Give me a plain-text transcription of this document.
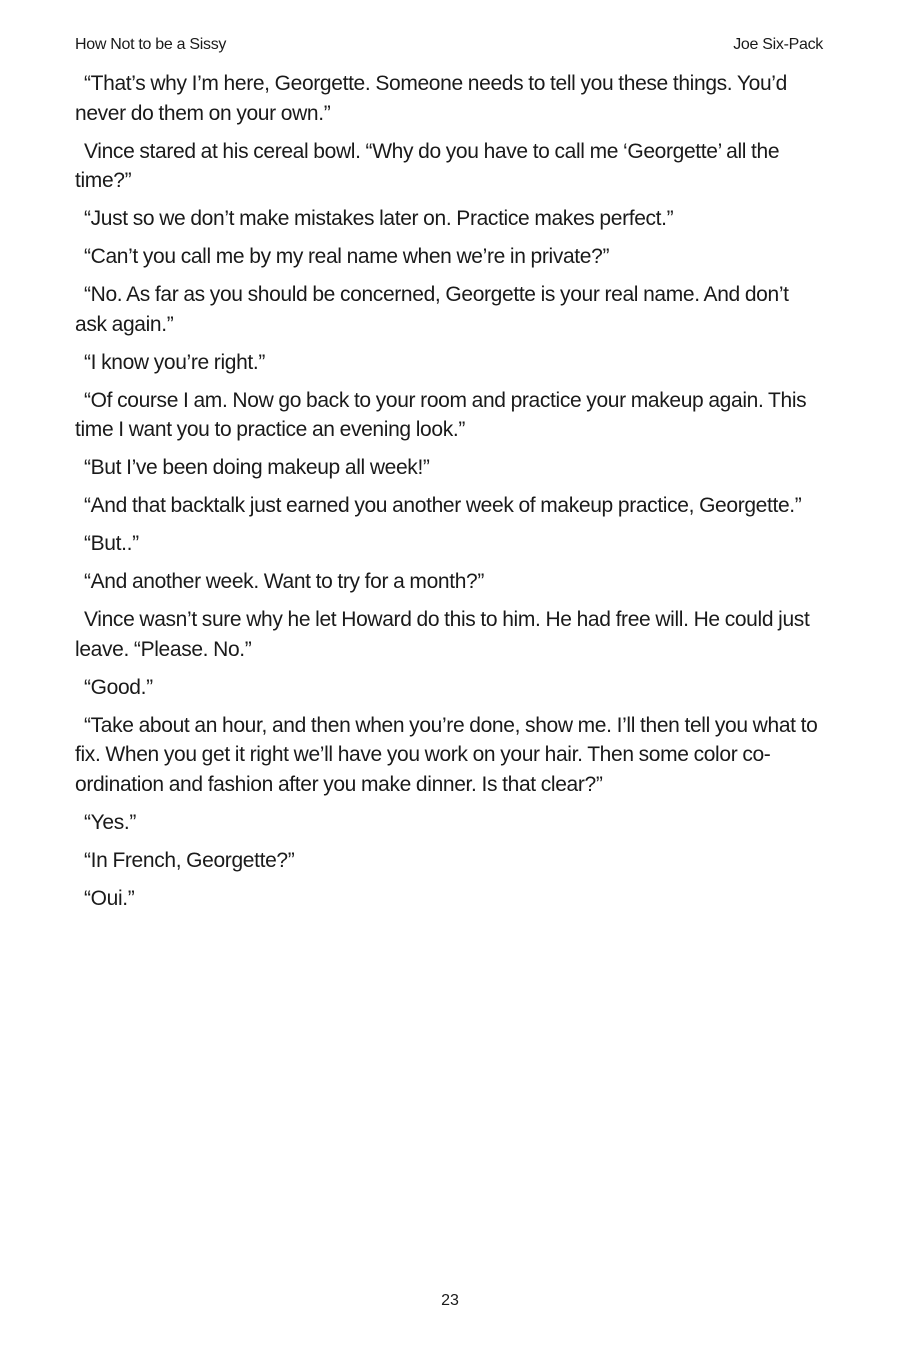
How Not to be a Sissy	Joe Six-Pack

“That’s why I’m here, Georgette. Someone needs to tell you these things. You’d never do them on your own.”

Vince stared at his cereal bowl. “Why do you have to call me ‘Georgette’ all the time?”

“Just so we don’t make mistakes later on. Practice makes perfect.”

“Can’t you call me by my real name when we’re in private?”

“No. As far as you should be concerned, Georgette is your real name. And don’t ask again.”

“I know you’re right.”

“Of course I am. Now go back to your room and practice your makeup again. This time I want you to practice an evening look.”

“But I’ve been doing makeup all week!”

“And that backtalk just earned you another week of makeup practice, Georgette.”

“But..”

“And another week. Want to try for a month?”

Vince wasn’t sure why he let Howard do this to him. He had free will. He could just leave. “Please. No.”

“Good.”

“Take about an hour, and then when you’re done, show me. I’ll then tell you what to fix. When you get it right we’ll have you work on your hair. Then some color co-ordination and fashion after you make dinner. Is that clear?”

“Yes.”

“In French, Georgette?”

“Oui.”

23
